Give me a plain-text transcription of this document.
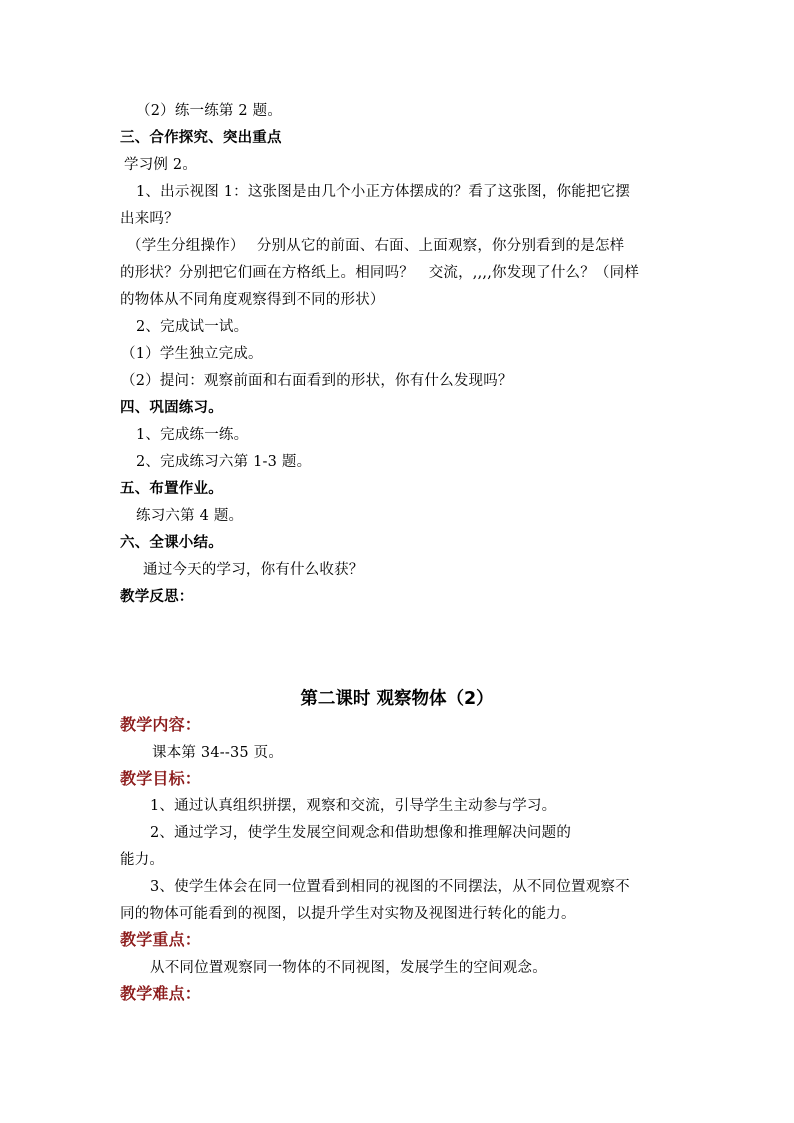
（2）练一练第 2 题。
三、合作探究、突出重点
学习例 2。
1、出示视图 1：这张图是由几个小正方体摆成的？看了这张图，你能把它摆
出来吗？
（学生分组操作）　 分别从它的前面、右面、上面观察，你分别看到的是怎样
的形状？分别把它们画在方格纸上。相同吗？　交流，,,,,你发现了什么？（同样
的物体从不同角度观察得到不同的形状）
2、完成试一试。
（1）学生独立完成。
（2）提问：观察前面和右面看到的形状，你有什么发现吗？
四、巩固练习。
1、完成练一练。
2、完成练习六第 1-3 题。
五、布置作业。
练习六第 4 题。
六、全课小结。
通过今天的学习，你有什么收获？
教学反思：
第二课时 观察物体（2）
教学内容：
课本第 34--35 页。
教学目标：
1、通过认真组织拼摆，观察和交流，引导学生主动参与学习。
2、通过学习，使学生发展空间观念和借助想像和推理解决问题的
能力。
3、使学生体会在同一位置看到相同的视图的不同摆法，从不同位置观察不
同的物体可能看到的视图，以提升学生对实物及视图进行转化的能力。
教学重点：
从不同位置观察同一物体的不同视图，发展学生的空间观念。
教学难点：
